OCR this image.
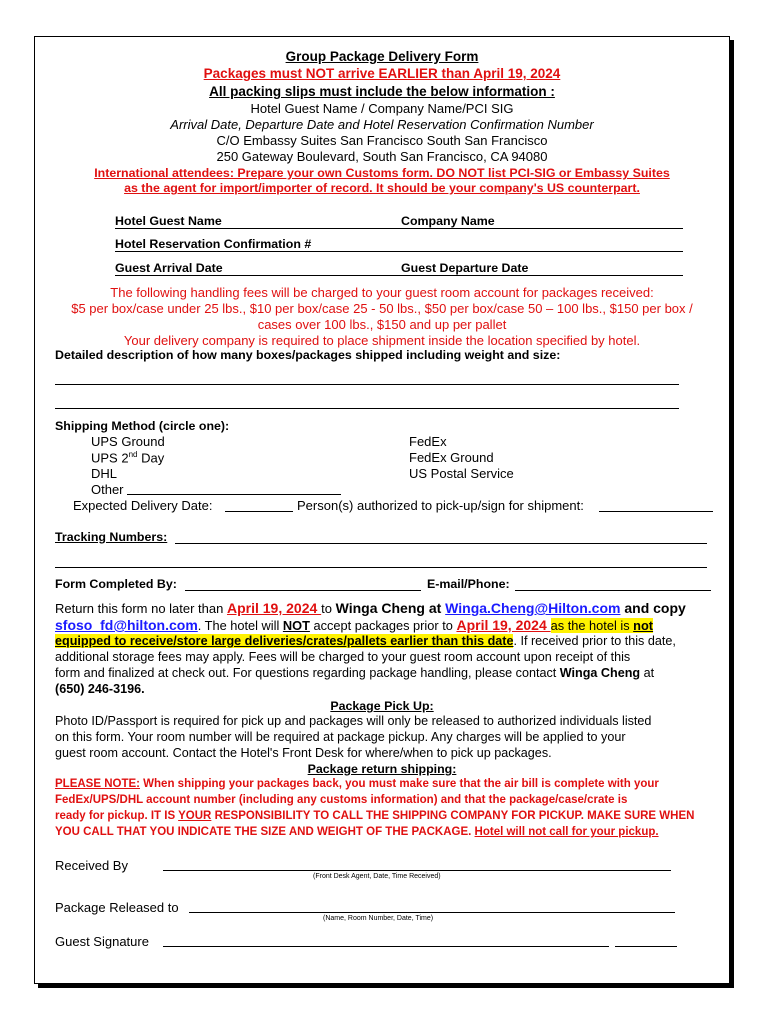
Group Package Delivery Form
Packages must NOT arrive EARLIER than April 19, 2024
All packing slips must include the below information :
Hotel Guest Name / Company Name/PCI SIG
Arrival Date, Departure Date and Hotel Reservation Confirmation Number
C/O Embassy Suites San Francisco South San Francisco
250 Gateway Boulevard, South San Francisco, CA 94080
International attendees: Prepare your own Customs form. DO NOT list PCI-SIG or Embassy Suites
as the agent for import/importer of record. It should be your company's US counterpart.
Hotel Guest Name	Company Name
Hotel Reservation Confirmation #
Guest Arrival Date	Guest Departure Date
The following handling fees will be charged to your guest room account for packages received:
$5 per box/case under 25 lbs., $10 per box/case 25 - 50 lbs., $50 per box/case 50 – 100 lbs., $150 per box /
cases over 100 lbs., $150 and up per pallet
Your delivery company is required to place shipment inside the location specified by hotel.
Detailed description of how many boxes/packages shipped including weight and size:
Shipping Method (circle one):
UPS Ground
UPS 2nd Day
DHL
Other
FedEx
FedEx Ground
US Postal Service
Expected Delivery Date:	Person(s) authorized to pick-up/sign for shipment:
Tracking Numbers:
Form Completed By:	E-mail/Phone:
Return this form no later than April 19, 2024 to Winga Cheng at Winga.Cheng@Hilton.com and copy
sfoso_fd@hilton.com. The hotel will NOT accept packages prior to April 19, 2024 as the hotel is not
equipped to receive/store large deliveries/crates/pallets earlier than this date. If received prior to this date,
additional storage fees may apply. Fees will be charged to your guest room account upon receipt of this
form and finalized at check out. For questions regarding package handling, please contact Winga Cheng at
(650) 246-3196.
Package Pick Up:
Photo ID/Passport is required for pick up and packages will only be released to authorized individuals listed
on this form. Your room number will be required at package pickup. Any charges will be applied to your
guest room account. Contact the Hotel's Front Desk for where/when to pick up packages.
Package return shipping:
PLEASE NOTE: When shipping your packages back, you must make sure that the air bill is complete with your
FedEx/UPS/DHL account number (including any customs information) and that the package/case/crate is
ready for pickup. IT IS YOUR RESPONSIBILITY TO CALL THE SHIPPING COMPANY FOR PICKUP. MAKE SURE WHEN
YOU CALL THAT YOU INDICATE THE SIZE AND WEIGHT OF THE PACKAGE. Hotel will not call for your pickup.
Received By
(Front Desk Agent, Date, Time Received)
Package Released to
(Name, Room Number, Date, Time)
Guest Signature
